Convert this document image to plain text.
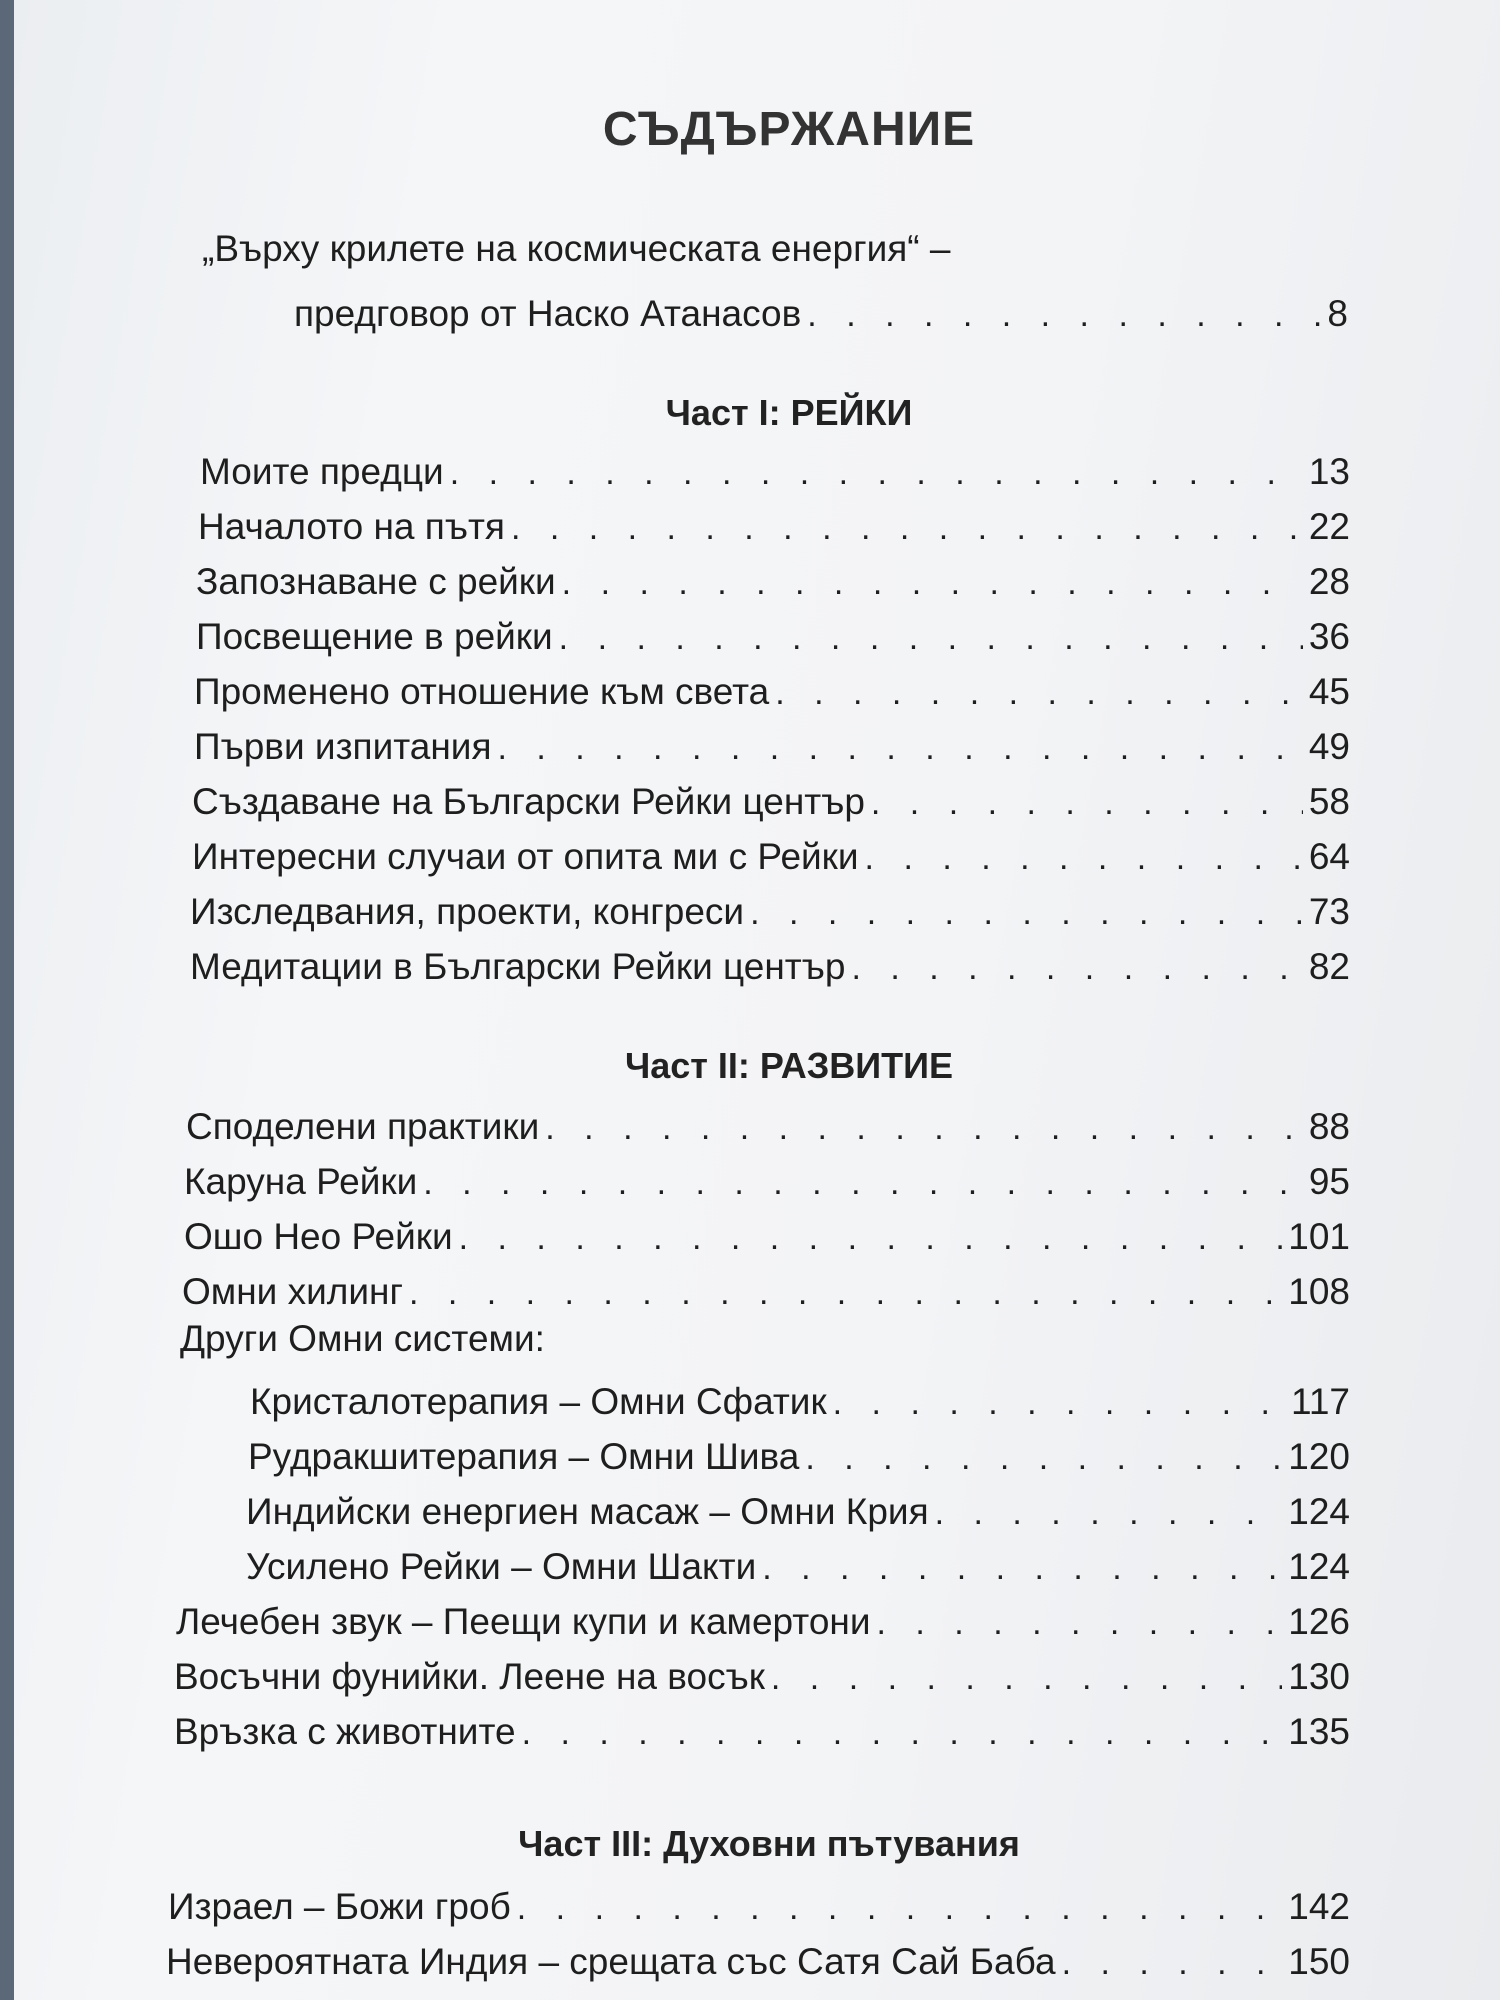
СЪДЪРЖАНИЕ
„Върху крилете на космическата енергия“ –
предговор от Наско Атанасов . . .	8
Част I: РЕЙКИ
Моите предци . . .	13
Началото на пътя . . .	22
Запознаване с рейки . . .	28
Посвещение в рейки . . .	36
Променено отношение към света . . .	45
Първи изпитания . . .	49
Създаване на Български Рейки център . . .	58
Интересни случаи от опита ми с Рейки . . .	64
Изследвания, проекти, конгреси . . .	73
Медитации в Български Рейки център . . .	82
Част II: РАЗВИТИЕ
Споделени практики . . .	88
Каруна Рейки . . .	95
Ошо Нео Рейки . . .	101
Омни хилинг . . .	108
Други Омни системи:
Кристалотерапия – Омни Сфатик . . .	117
Рудракшитерапия – Омни Шива . . .	120
Индийски енергиен масаж – Омни Крия . . .	124
Усилено Рейки – Омни Шакти . . .	124
Лечебен звук – Пеещи купи и камертони . . .	126
Восъчни фунийки. Леене на восък . . .	130
Връзка с животните . . .	135
Част III: Духовни пътувания
Израел – Божи гроб . . .	142
Невероятната Индия – срещата със Сатя Сай Баба . . .	150
